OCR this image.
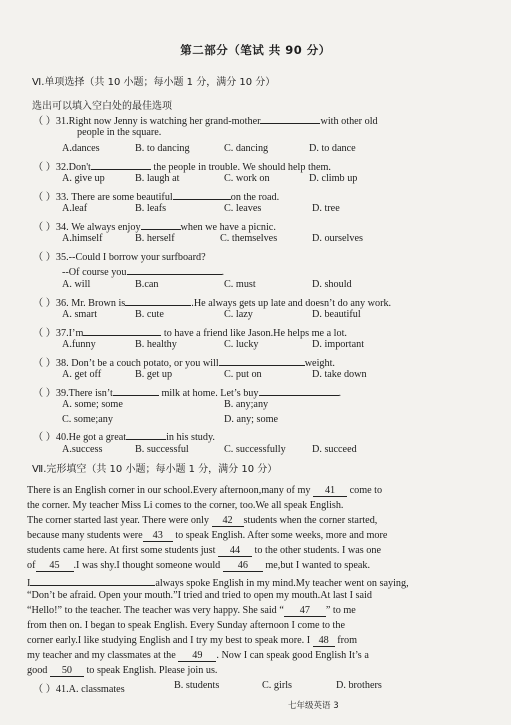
第二部分（笔试 共 90 分）
Ⅵ.单项选择（共 10 小题；每小题 1 分，满分 10 分）
选出可以填入空白处的最佳选项
（ ）31.Right now Jenny is watching her grand-mother	with other old
people in the square.
A.dances	B. to dancing	C. dancing	D. to dance
（ ）32.Don't	the people in trouble. We should help them.
A. give up	B. laugh at	C. work on	D. climb up
（ ）33. There are some beautiful	on the road.
A.leaf	B. leafs	C. leaves	D. tree
（ ）34. We always enjoy	when we have a picnic.
A.himself	B. herself	C. themselves	D. ourselves
（ ）35.--Could I borrow your surfboard?
--Of course you	.
A. will	B.can	C. must	D. should
（ ）36. Mr. Brown is	.He always gets up late and doesn’t do any work.
A. smart	B. cute	C. lazy	D. beautiful
（ ）37.I’m	to have a friend like Jason.He helps me a lot.
A.funny	B. healthy	C. lucky	D. important
（ ）38. Don’t be a couch potato, or you will	weight.
A. get off	B. get up	C. put on	D. take down
（ ）39.There isn’t	milk at home. Let’s buy	.
A. some; some	B. any;any
C. some;any	D. any; some
（ ）40.He got a great	in his study.
A.success	B. successful	C. successfully	D. succeed
Ⅶ.完形填空（共 10 小题；每小题 1 分，满分 10 分）
There is an English corner in our school.Every afternoon,many of my 41 come to
the corner. My teacher Miss Li comes to the corner, too.We all speak English.
The corner started last year. There were only 42 students when the corner started,
because many students were 43 to speak English. After some weeks, more and more
students came here. At first some students just 44 to the other students. I was one
of 45 .I was shy.I thought someone would 46 me,but I wanted to speak.
I	always spoke English in my mind.My teacher went on saying,
“Don’t be afraid. Open your mouth.”I tried and tried to open my mouth.At last I said
“Hello!” to the teacher. The teacher was very happy. She said “ 47 ” to me
from then on. I began to speak English. Every Sunday afternoon I come to the
corner early.I like studying English and I try my best to speak more. I 48 from
my teacher and my classmates at the 49 . Now I can speak good English It’s a
good 50 to speak English. Please join us.
（ ）41.A. classmates	B. students	C. girls	D. brothers
七年级英语 3
